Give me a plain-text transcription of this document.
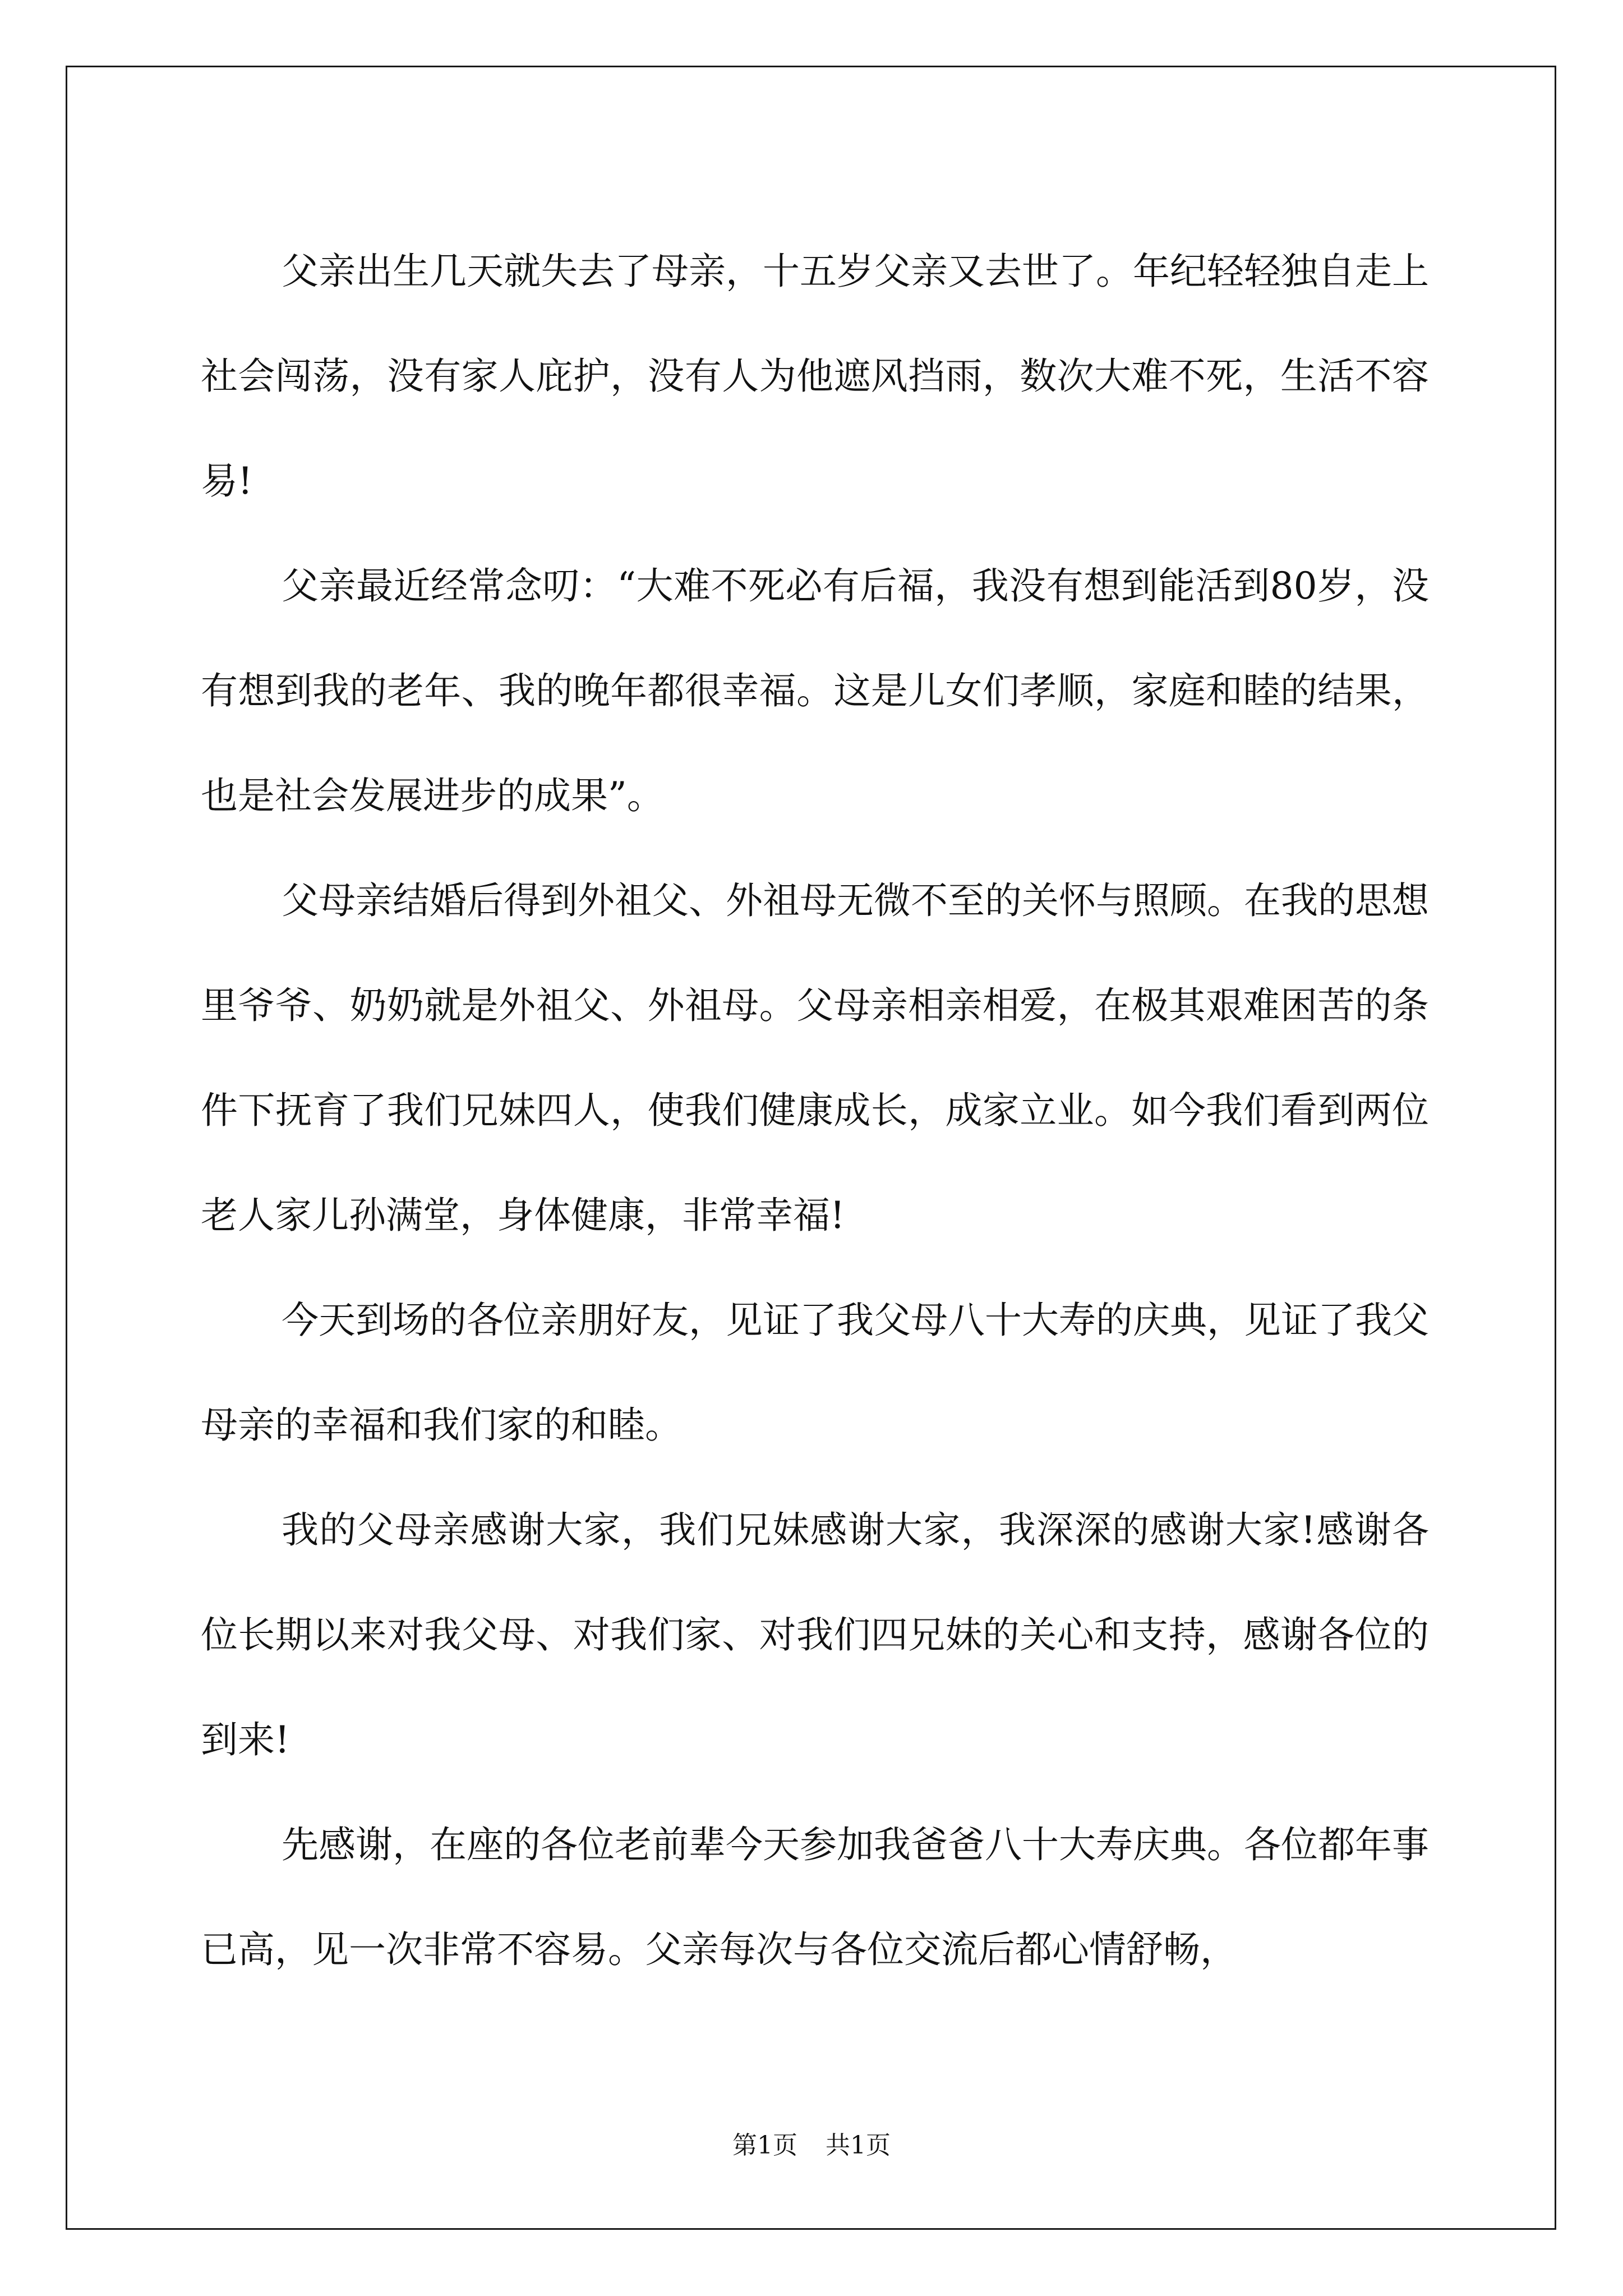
父亲出生几天就失去了母亲，十五岁父亲又去世了。年纪轻轻独自走上社会闯荡，没有家人庇护，没有人为他遮风挡雨，数次大难不死，生活不容易!

父亲最近经常念叨：“大难不死必有后福，我没有想到能活到80岁，没有想到我的老年、我的晚年都很幸福。这是儿女们孝顺，家庭和睦的结果，也是社会发展进步的成果”。

父母亲结婚后得到外祖父、外祖母无微不至的关怀与照顾。在我的思想里爷爷、奶奶就是外祖父、外祖母。父母亲相亲相爱，在极其艰难困苦的条件下抚育了我们兄妹四人，使我们健康成长，成家立业。如今我们看到两位老人家儿孙满堂，身体健康，非常幸福!

今天到场的各位亲朋好友，见证了我父母八十大寿的庆典，见证了我父母亲的幸福和我们家的和睦。

我的父母亲感谢大家，我们兄妹感谢大家，我深深的感谢大家!感谢各位长期以来对我父母、对我们家、对我们四兄妹的关心和支持，感谢各位的到来!

先感谢，在座的各位老前辈今天参加我爸爸八十大寿庆典。各位都年事已高，见一次非常不容易。父亲每次与各位交流后都心情舒畅，

第1页 共1页
